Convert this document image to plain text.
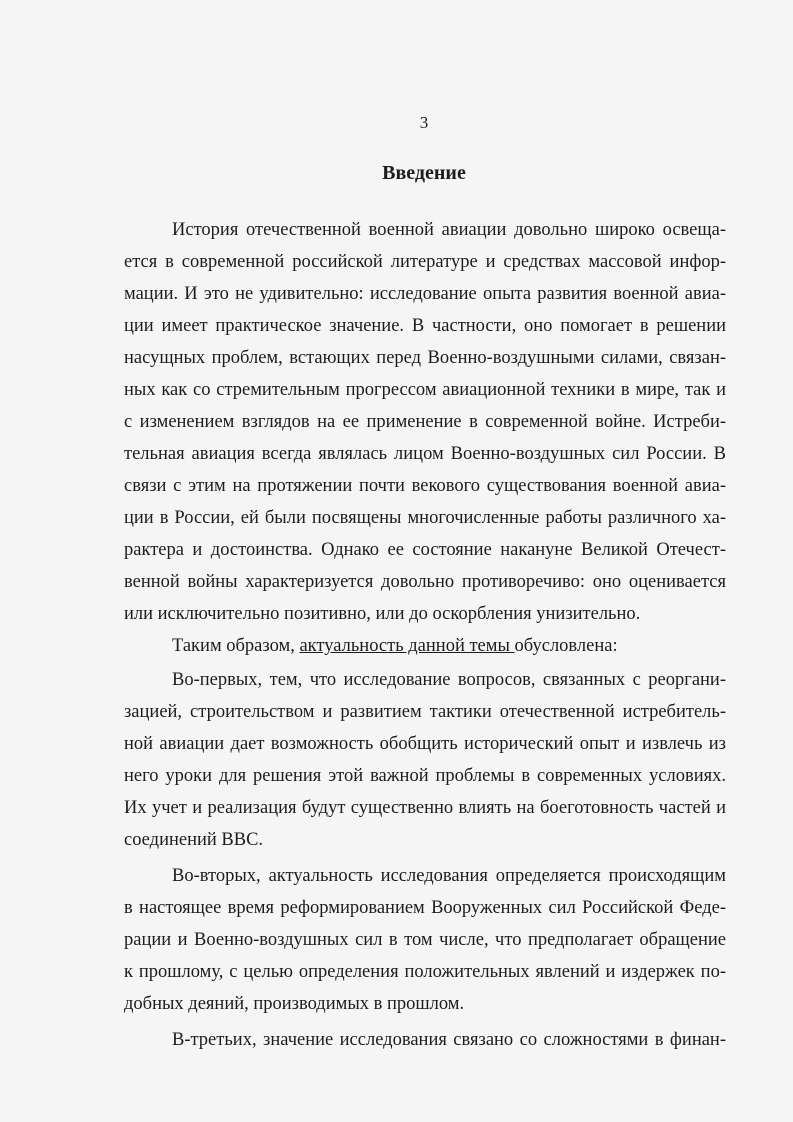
3
Введение
История отечественной военной авиации довольно широко освеща-
ется в современной российской литературе и средствах массовой инфор-
мации. И это не удивительно: исследование опыта развития военной авиа-
ции имеет практическое значение. В частности, оно помогает в решении
насущных проблем, встающих перед Военно-воздушными силами, связан-
ных как со стремительным прогрессом авиационной техники в мире, так и
с изменением взглядов на ее применение в современной войне. Истреби-
тельная авиация всегда являлась лицом Военно-воздушных сил России. В
связи с этим на протяжении почти векового существования военной авиа-
ции в России, ей были посвящены многочисленные работы различного ха-
рактера и достоинства. Однако ее состояние накануне Великой Отечест-
венной войны характеризуется довольно противоречиво: оно оценивается
или исключительно позитивно, или до оскорбления унизительно.
Таким образом, актуальность данной темы обусловлена:
Во-первых, тем, что исследование вопросов, связанных с реоргани-
зацией, строительством и развитием тактики отечественной истребитель-
ной авиации дает возможность обобщить исторический опыт и извлечь из
него уроки для решения этой важной проблемы в современных условиях.
Их учет и реализация будут существенно влиять на боеготовность частей и
соединений ВВС.
Во-вторых, актуальность исследования определяется происходящим
в настоящее время реформированием Вооруженных сил Российской Феде-
рации и Военно-воздушных сил в том числе, что предполагает обращение
к прошлому, с целью определения положительных явлений и издержек по-
добных деяний, производимых в прошлом.
В-третьих, значение исследования связано со сложностями в финан-
